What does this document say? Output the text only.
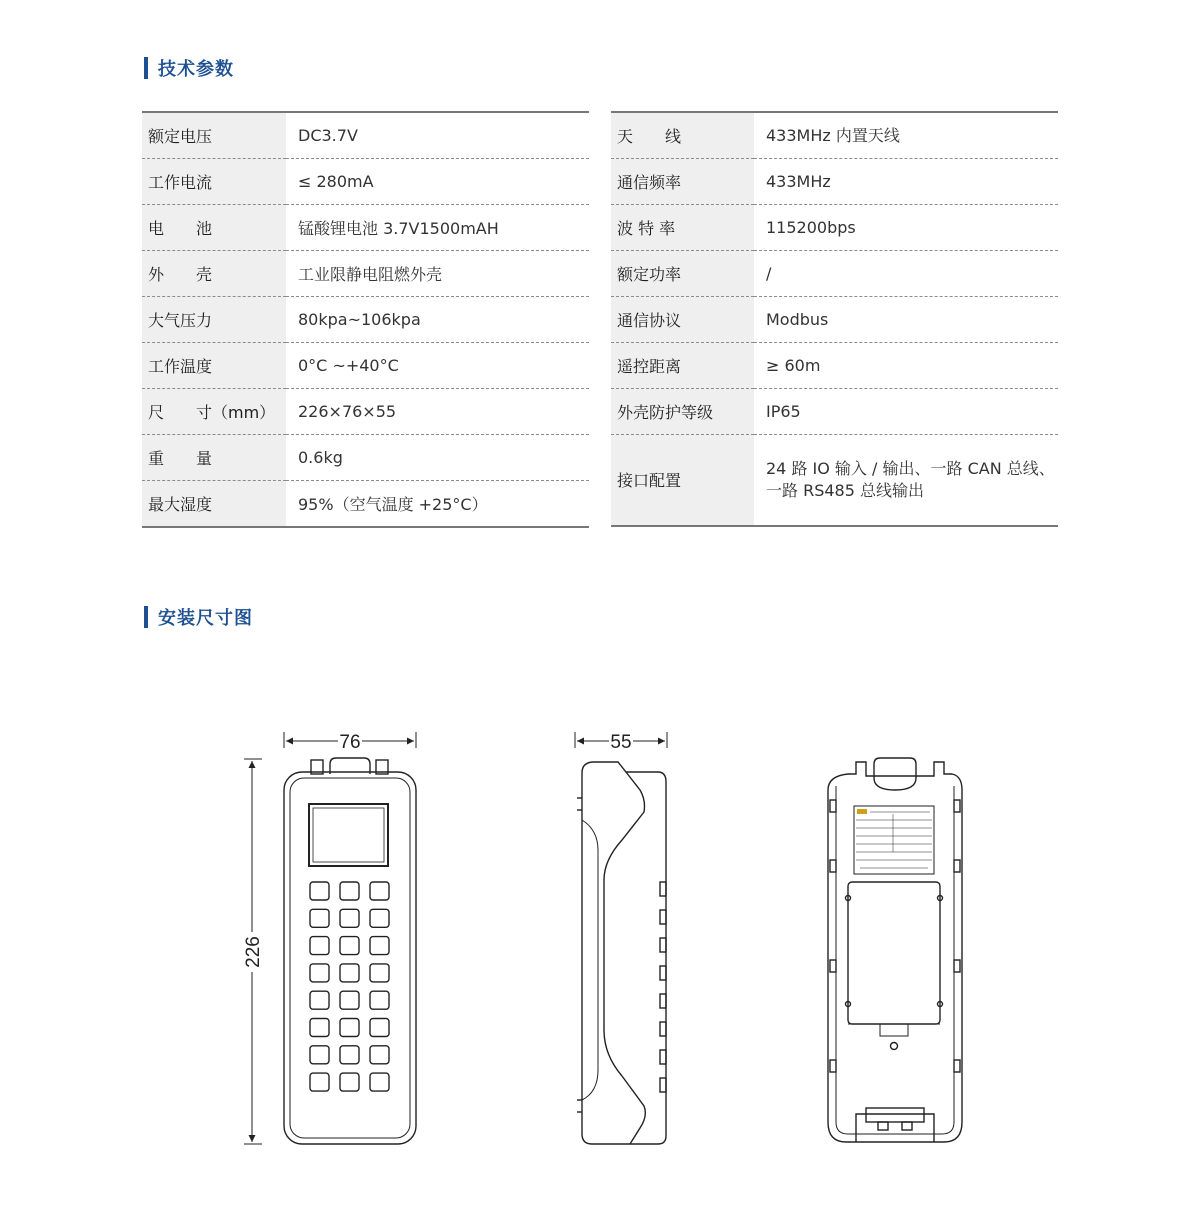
技术参数
额定电压	DC3.7V
工作电流	≤ 280mA
电　　池	锰酸锂电池 3.7V1500mAH
外　　壳	工业限静电阻燃外壳
大气压力	80kpa~106kpa
工作温度	0°C ~+40°C
尺　　寸（mm）	226×76×55
重　　量	0.6kg
最大湿度	95%（空气温度 +25°C）
天　　线	433MHz 内置天线
通信频率	433MHz
波 特 率	115200bps
额定功率	/
通信协议	Modbus
遥控距离	≥ 60m
外壳防护等级	IP65
接口配置	24 路 IO 输入 / 输出、一路 CAN 总线、
一路 RS485 总线输出
安装尺寸图
76
226
55
